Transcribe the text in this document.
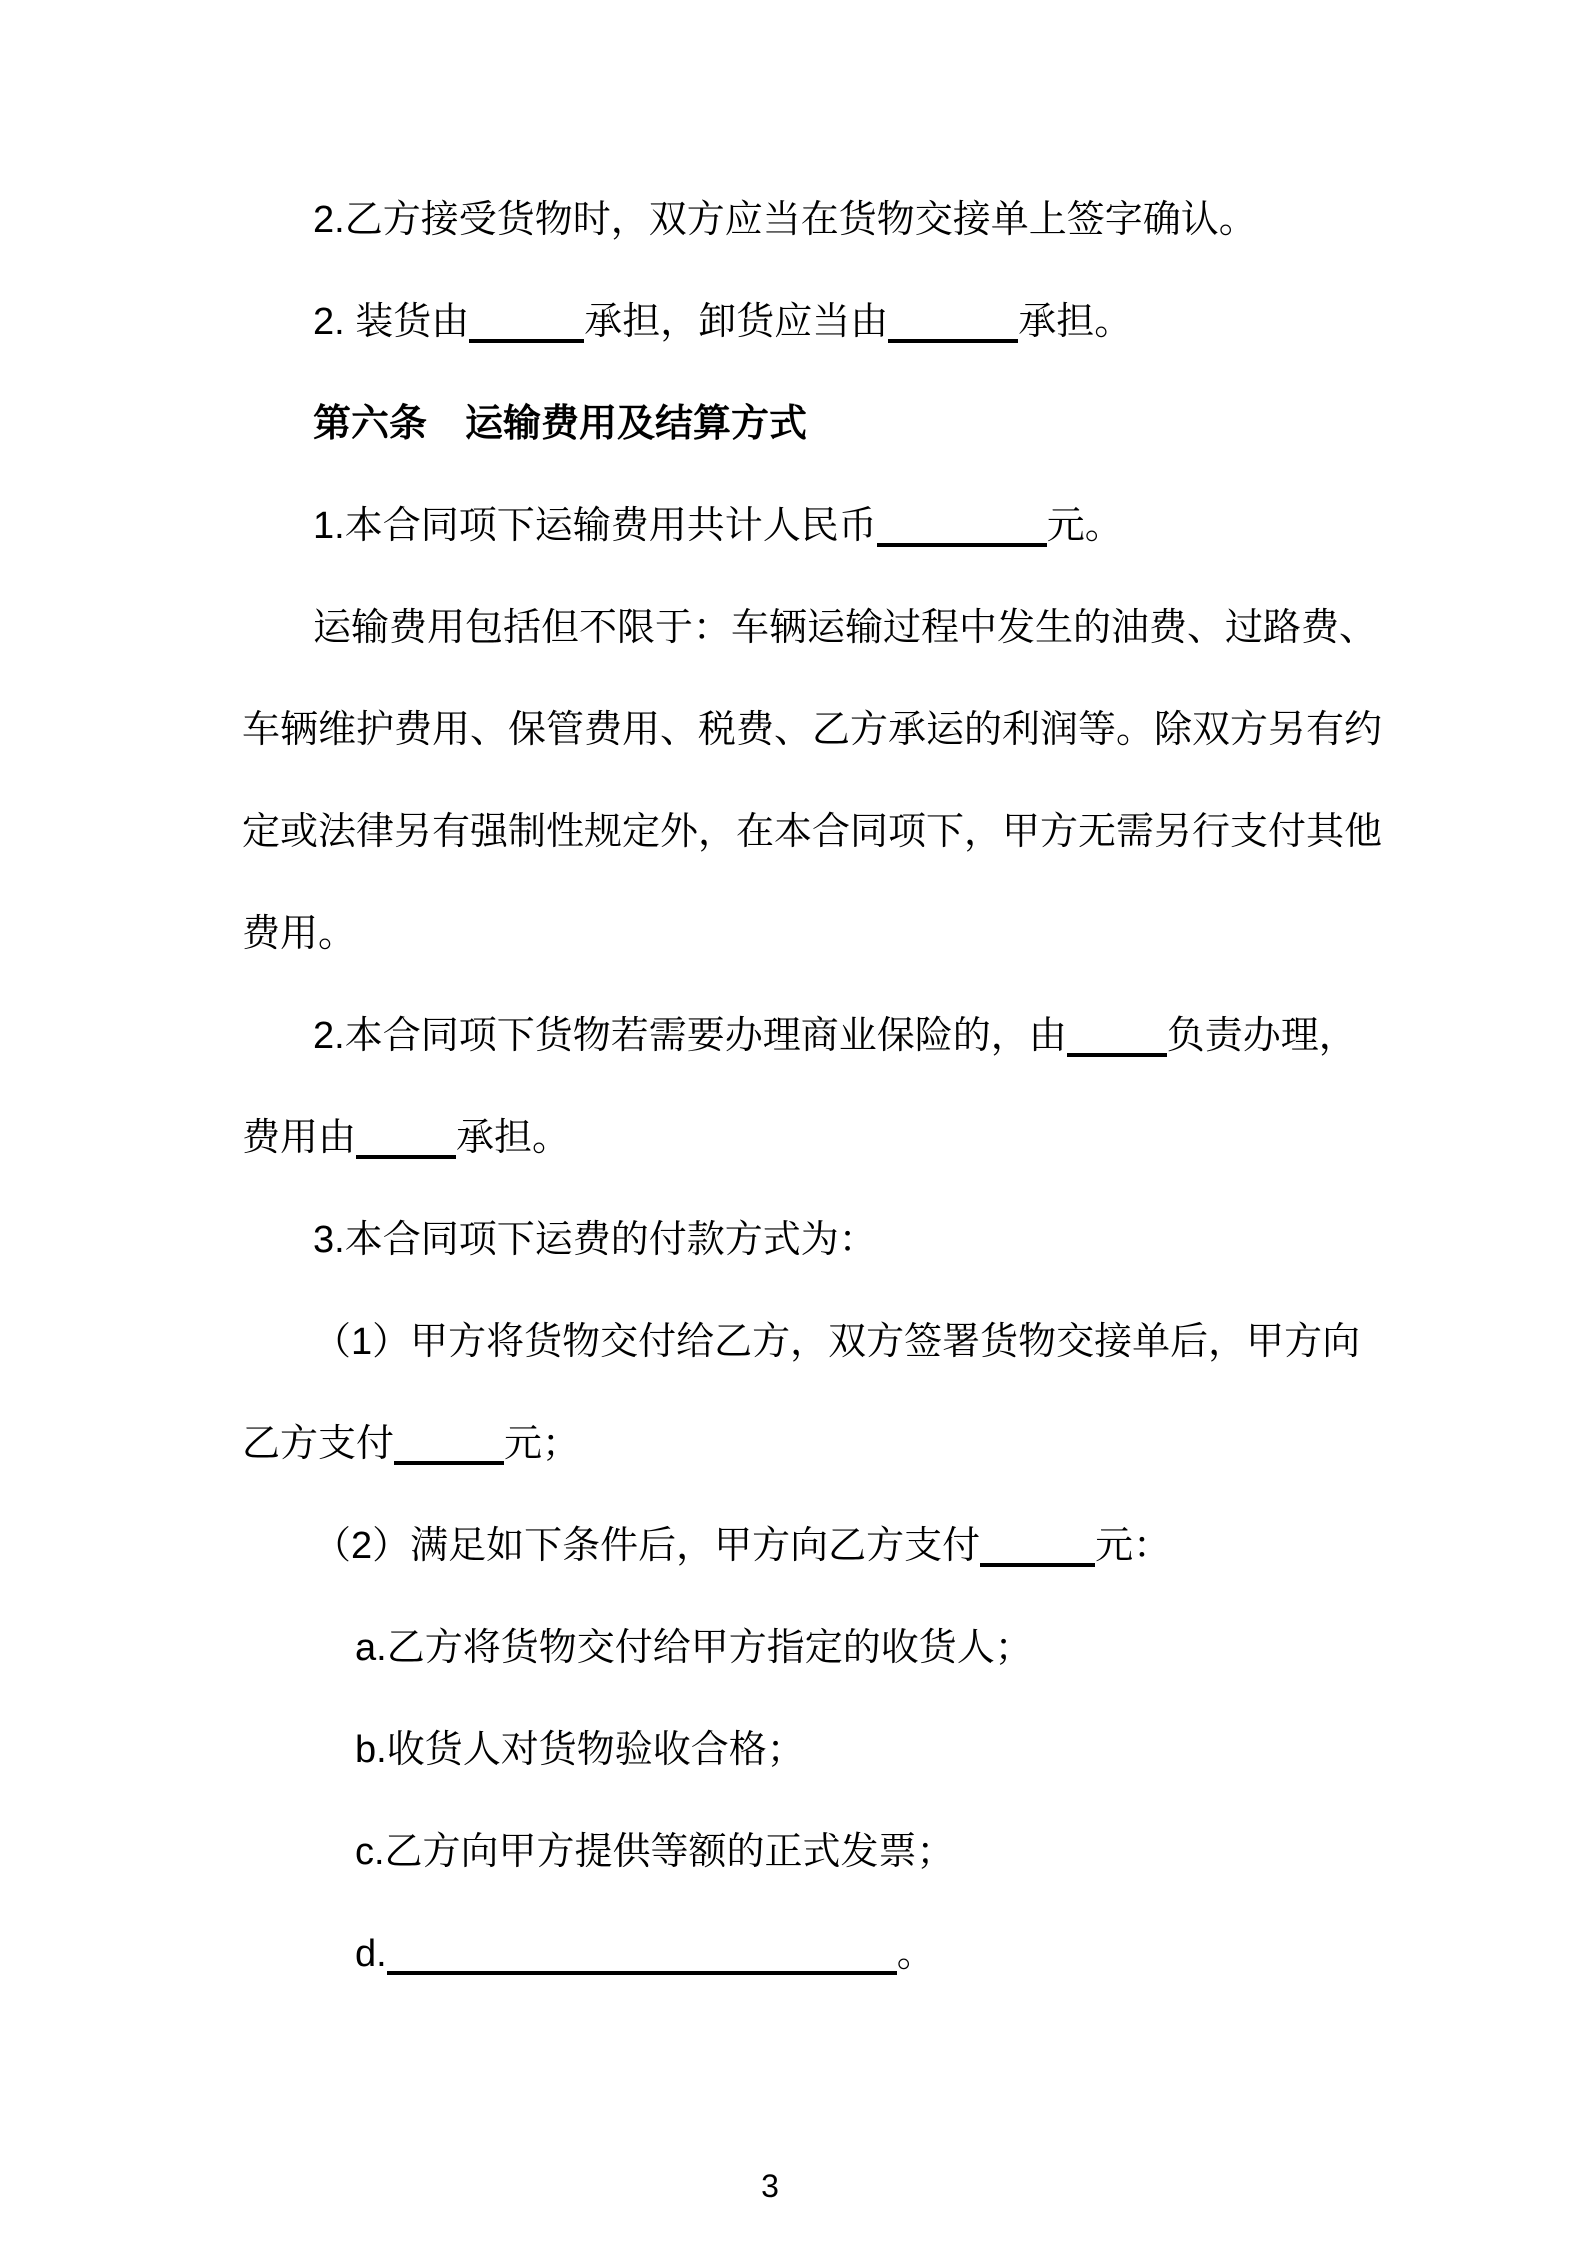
2.乙方接受货物时，双方应当在货物交接单上签字确认。
2. 装货由	承担，卸货应当由	承担。
第六条　运输费用及结算方式
1.本合同项下运输费用共计人民币	元。
运输费用包括但不限于：车辆运输过程中发生的油费、过路费、
车辆维护费用、保管费用、税费、乙方承运的利润等。除双方另有约
定或法律另有强制性规定外，在本合同项下，甲方无需另行支付其他
费用。
2.本合同项下货物若需要办理商业保险的，由	负责办理，
费用由	承担。
3.本合同项下运费的付款方式为：
（1）甲方将货物交付给乙方，双方签署货物交接单后，甲方向
乙方支付	元；
（2）满足如下条件后，甲方向乙方支付	元：
a.乙方将货物交付给甲方指定的收货人；
b.收货人对货物验收合格；
c.乙方向甲方提供等额的正式发票；
d.	。
3
